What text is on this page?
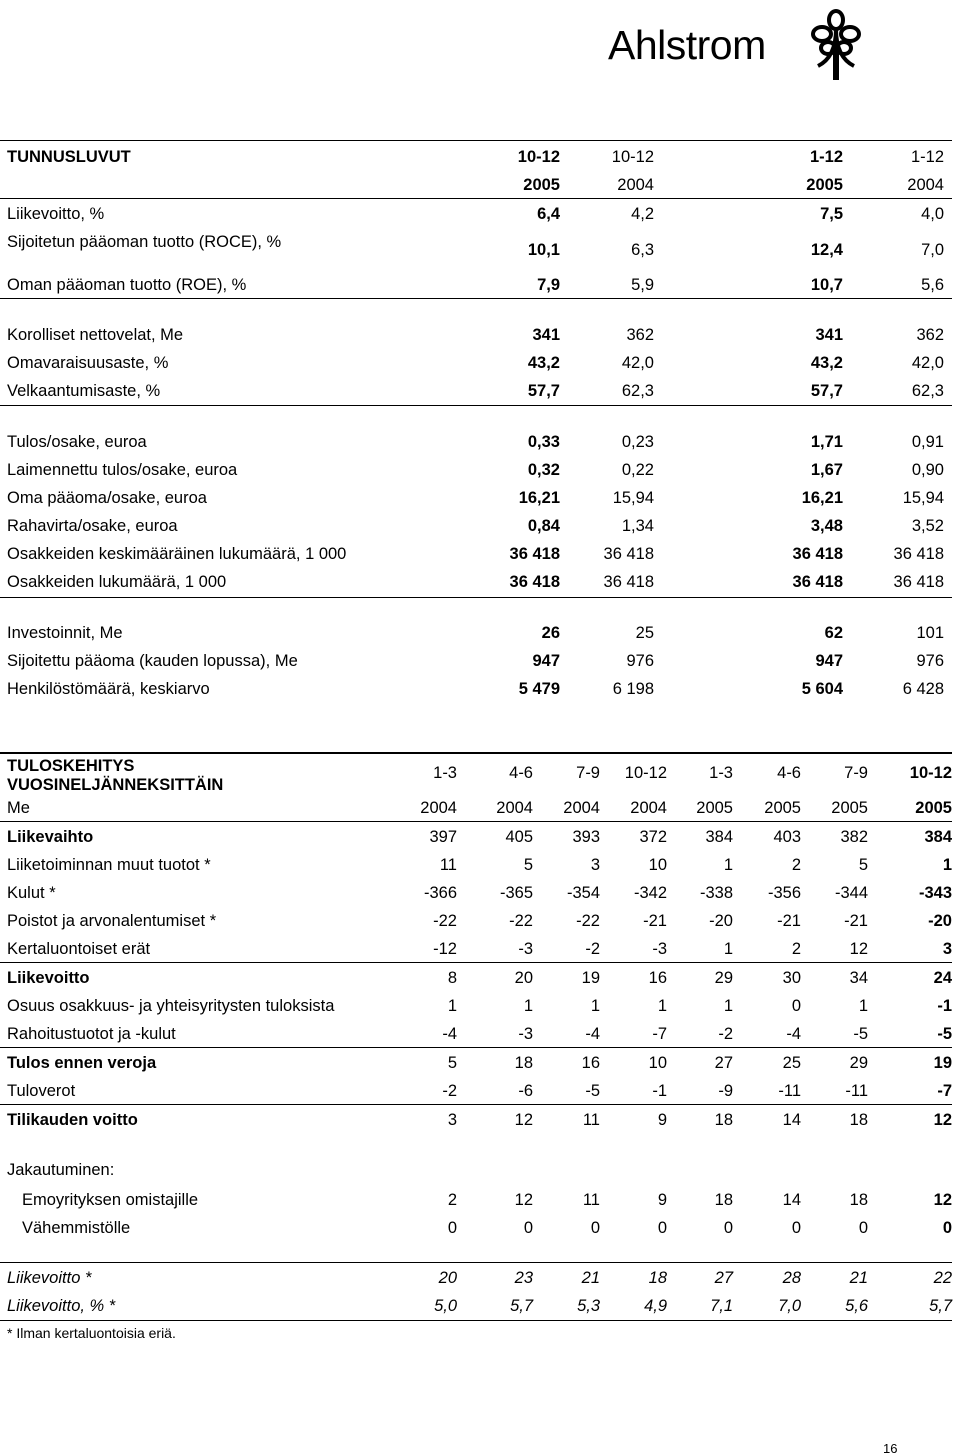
Ahlstrom
TUNNUSLUVUT	10-12	10-12	1-12	1-12
2005	2004	2005	2004
Liikevoitto, %	6,4	4,2	7,5	4,0
Sijoitetun pääoman tuotto (ROCE), %	10,1	6,3	12,4	7,0
Oman pääoman tuotto (ROE), %	7,9	5,9	10,7	5,6
Korolliset nettovelat, Me	341	362	341	362
Omavaraisuusaste, %	43,2	42,0	43,2	42,0
Velkaantumisaste, %	57,7	62,3	57,7	62,3
Tulos/osake, euroa	0,33	0,23	1,71	0,91
Laimennettu tulos/osake, euroa	0,32	0,22	1,67	0,90
Oma pääoma/osake, euroa	16,21	15,94	16,21	15,94
Rahavirta/osake, euroa	0,84	1,34	3,48	3,52
Osakkeiden keskimääräinen lukumäärä, 1 000	36 418	36 418	36 418	36 418
Osakkeiden lukumäärä, 1 000	36 418	36 418	36 418	36 418
Investoinnit, Me	26	25	62	101
Sijoitettu pääoma (kauden lopussa), Me	947	976	947	976
Henkilöstömäärä, keskiarvo	5 479	6 198	5 604	6 428
TULOSKEHITYS VUOSINELJÄNNEKSITTÄIN
1-3	4-6	7-9	10-12	1-3	4-6	7-9	10-12
Me	2004	2004	2004	2004	2005	2005	2005	2005
Liikevaihto	397	405	393	372	384	403	382	384
Liiketoiminnan muut tuotot *	11	5	3	10	1	2	5	1
Kulut *	-366	-365	-354	-342	-338	-356	-344	-343
Poistot ja arvonalentumiset *	-22	-22	-22	-21	-20	-21	-21	-20
Kertaluontoiset erät	-12	-3	-2	-3	1	2	12	3
Liikevoitto	8	20	19	16	29	30	34	24
Osuus osakkuus- ja yhteisyritysten tuloksista	1	1	1	1	1	0	1	-1
Rahoitustuotot ja -kulut	-4	-3	-4	-7	-2	-4	-5	-5
Tulos ennen veroja	5	18	16	10	27	25	29	19
Tuloverot	-2	-6	-5	-1	-9	-11	-11	-7
Tilikauden voitto	3	12	11	9	18	14	18	12
Jakautuminen:
Emoyrityksen omistajille	2	12	11	9	18	14	18	12
Vähemmistölle	0	0	0	0	0	0	0	0
Liikevoitto *	20	23	21	18	27	28	21	22
Liikevoitto, % *	5,0	5,7	5,3	4,9	7,1	7,0	5,6	5,7
* Ilman kertaluontoisia eriä.
16
